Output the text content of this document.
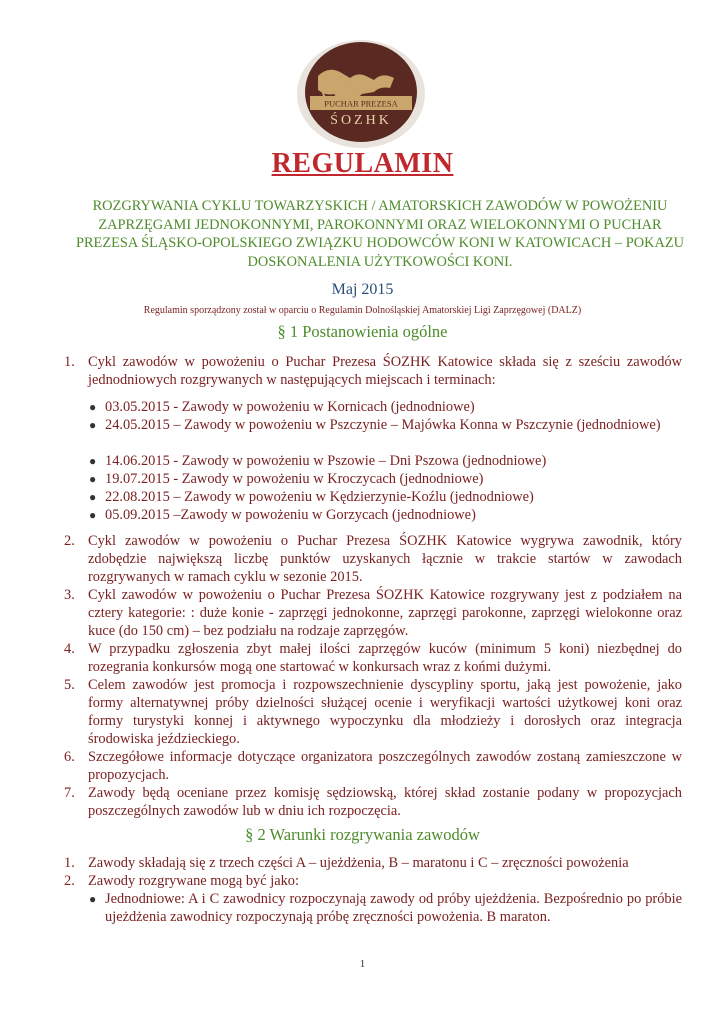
PUCHAR PREZESA
ŚOZHK
REGULAMIN
ROZGRYWANIA CYKLU TOWARZYSKICH / AMATORSKICH ZAWODÓW W POWOŻENIU ZAPRZĘGAMI JEDNOKONNYMI, PAROKONNYMI ORAZ WIELOKONNYMI O PUCHAR PREZESA ŚLĄSKO-OPOLSKIEGO ZWIĄZKU HODOWCÓW KONI W KATOWICACH – POKAZU DOSKONALENIA UŻYTKOWOŚCI KONI.
Maj 2015
Regulamin sporządzony został w oparciu o Regulamin Dolnośląskiej Amatorskiej Ligi Zaprzęgowej (DALZ)
§ 1 Postanowienia ogólne
1. Cykl zawodów w powożeniu o Puchar Prezesa ŚOZHK Katowice składa się z sześciu zawodów jednodniowych rozgrywanych w następujących miejscach i terminach:
● 03.05.2015 - Zawody w powożeniu w Kornicach (jednodniowe)
● 24.05.2015 – Zawody w powożeniu w Pszczynie – Majówka Konna w Pszczynie (jednodniowe)
● 14.06.2015 - Zawody w powożeniu w Pszowie – Dni Pszowa (jednodniowe)
● 19.07.2015 - Zawody w powożeniu w Kroczycach (jednodniowe)
● 22.08.2015 – Zawody w powożeniu w Kędzierzynie-Koźlu (jednodniowe)
● 05.09.2015 –Zawody w powożeniu w Gorzycach (jednodniowe)
2. Cykl zawodów w powożeniu o Puchar Prezesa ŚOZHK Katowice wygrywa zawodnik, który zdobędzie największą liczbę punktów uzyskanych łącznie w trakcie startów w zawodach rozgrywanych w ramach cyklu w sezonie 2015.
3. Cykl zawodów w powożeniu o Puchar Prezesa ŚOZHK Katowice rozgrywany jest z podziałem na cztery kategorie: : duże konie - zaprzęgi jednokonne, zaprzęgi parokonne, zaprzęgi wielokonne oraz kuce (do 150 cm) – bez podziału na rodzaje zaprzęgów.
4. W przypadku zgłoszenia zbyt małej ilości zaprzęgów kuców (minimum 5 koni) niezbędnej do rozegrania konkursów mogą one startować w konkursach wraz z końmi dużymi.
5. Celem zawodów jest promocja i rozpowszechnienie dyscypliny sportu, jaką jest powożenie, jako formy alternatywnej próby dzielności służącej ocenie i weryfikacji wartości użytkowej koni oraz formy turystyki konnej i aktywnego wypoczynku dla młodzieży i dorosłych oraz integracja środowiska jeździeckiego.
6. Szczegółowe informacje dotyczące organizatora poszczególnych zawodów zostaną zamieszczone w propozycjach.
7. Zawody będą oceniane przez komisję sędziowską, której skład zostanie podany w propozycjach poszczególnych zawodów lub w dniu ich rozpoczęcia.
§ 2 Warunki rozgrywania zawodów
1. Zawody składają się z trzech części A – ujeżdżenia, B – maratonu i C – zręczności powożenia
2. Zawody rozgrywane mogą być jako:
● Jednodniowe: A i C zawodnicy rozpoczynają zawody od próby ujeżdżenia. Bezpośrednio po próbie ujeżdżenia zawodnicy rozpoczynają próbę zręczności powożenia. B maraton.
1
